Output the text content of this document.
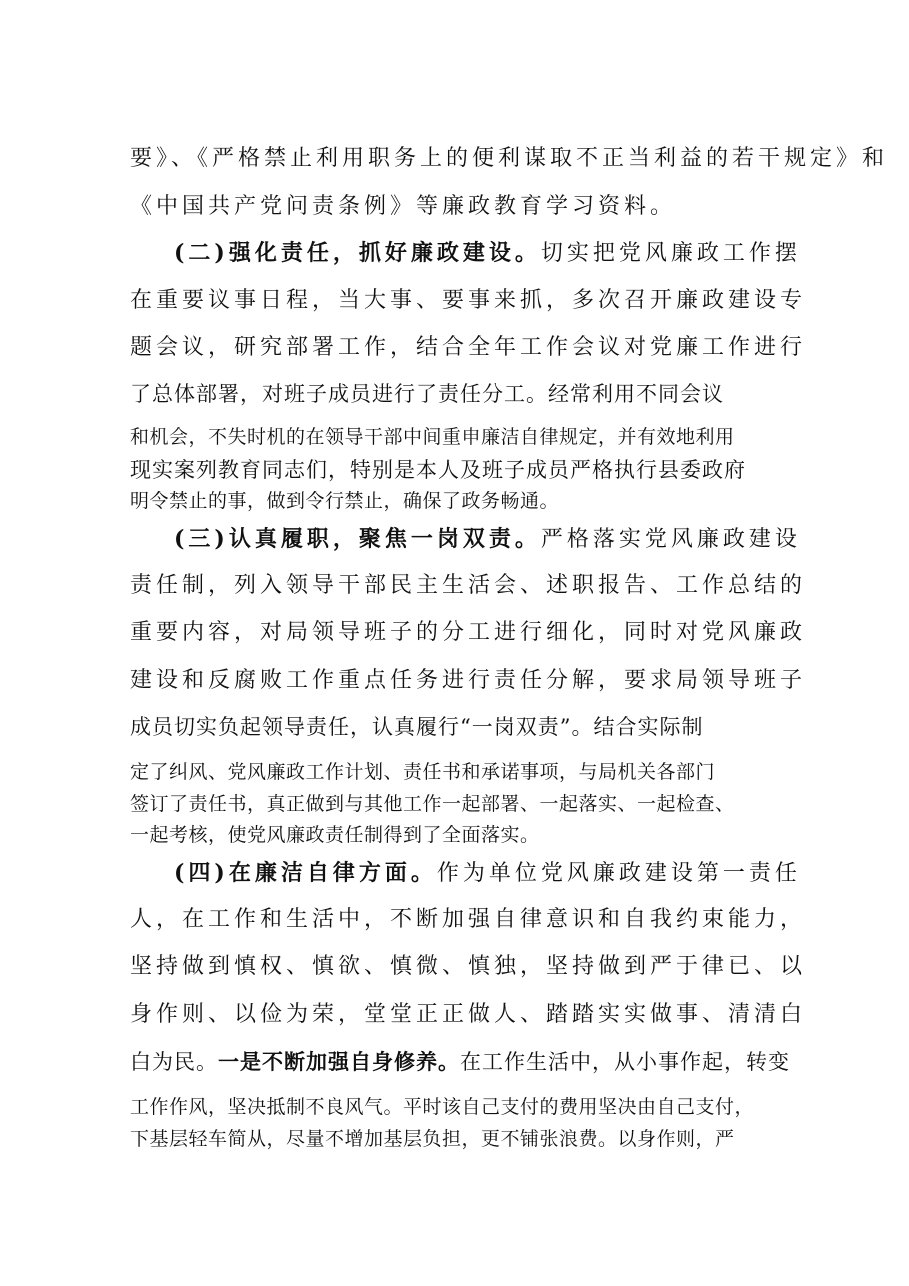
要》、《严格禁止利用职务上的便利谋取不正当利益的若干规定》和
《中国共产党问责条例》等廉政教育学习资料。
(二)强化责任，抓好廉政建设。切实把党风廉政工作摆
在重要议事日程，当大事、要事来抓，多次召开廉政建设专
题会议，研究部署工作，结合全年工作会议对党廉工作进行
了总体部署，对班子成员进行了责任分工。经常利用不同会议
和机会，不失时机的在领导干部中间重申廉洁自律规定，并有效地利用
现实案列教育同志们，特别是本人及班子成员严格执行县委政府
明令禁止的事，做到令行禁止，确保了政务畅通。
(三)认真履职，聚焦一岗双责。严格落实党风廉政建设
责任制，列入领导干部民主生活会、述职报告、工作总结的
重要内容，对局领导班子的分工进行细化，同时对党风廉政
建设和反腐败工作重点任务进行责任分解，要求局领导班子
成员切实负起领导责任，认真履行“一岗双责”。结合实际制
定了纠风、党风廉政工作计划、责任书和承诺事项，与局机关各部门
签订了责任书，真正做到与其他工作一起部署、一起落实、一起检查、
一起考核，使党风廉政责任制得到了全面落实。
(四)在廉洁自律方面。作为单位党风廉政建设第一责任
人，在工作和生活中，不断加强自律意识和自我约束能力，
坚持做到慎权、慎欲、慎微、慎独，坚持做到严于律已、以
身作则、以俭为荣，堂堂正正做人、踏踏实实做事、清清白
白为民。一是不断加强自身修养。在工作生活中，从小事作起，转变
工作作风，坚决抵制不良风气。平时该自己支付的费用坚决由自己支付，
下基层轻车简从，尽量不增加基层负担，更不铺张浪费。以身作则，严
